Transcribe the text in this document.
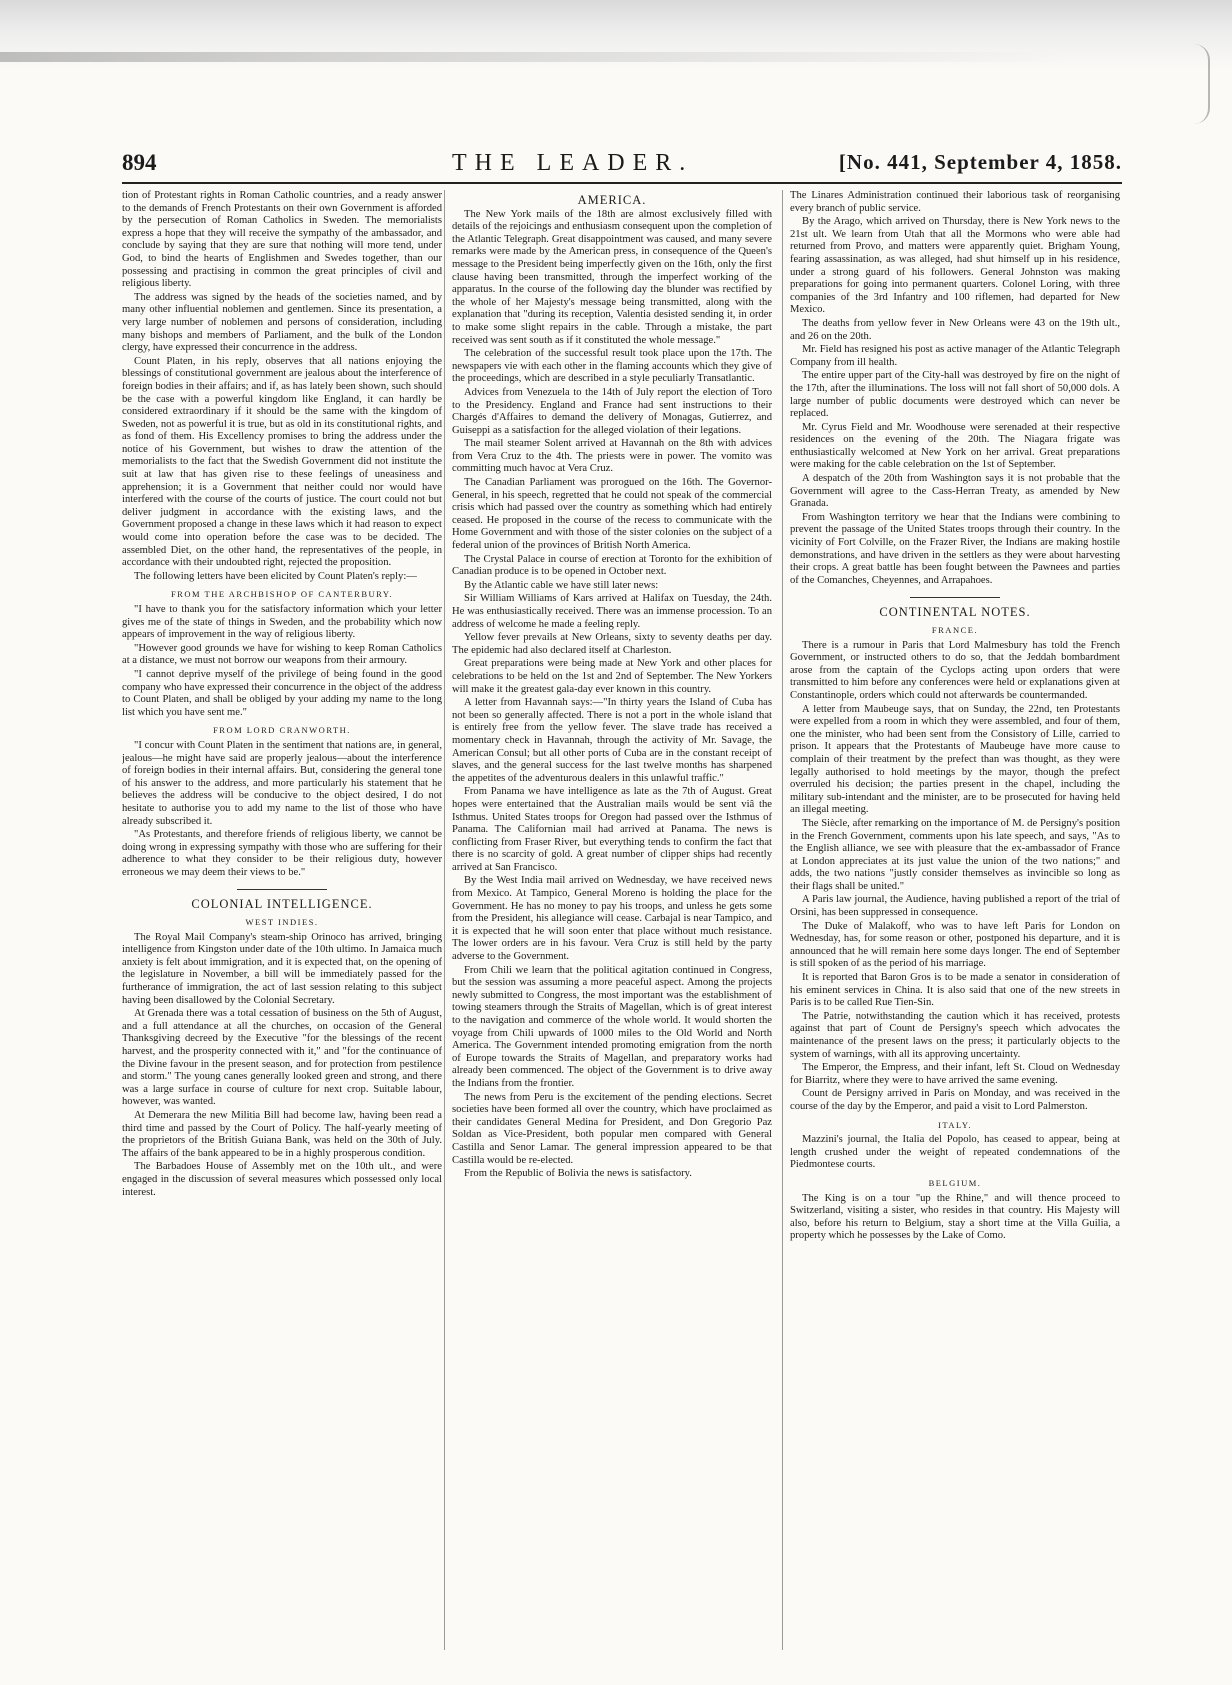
894	THE LEADER.	[No. 441, September 4, 1858.

tion of Protestant rights in Roman Catholic countries, and a ready answer to the demands of French Protestants on their own Government is afforded by the persecution of Roman Catholics in Sweden. The memorialists express a hope that they will receive the sympathy of the ambassador, and conclude by saying that they are sure that nothing will more tend, under God, to bind the hearts of Englishmen and Swedes together, than our possessing and practising in common the great principles of civil and religious liberty.

The address was signed by the heads of the societies named, and by many other influential noblemen and gentlemen. Since its presentation, a very large number of noblemen and persons of consideration, including many bishops and members of Parliament, and the bulk of the London clergy, have expressed their concurrence in the address.

Count Platen, in his reply, observes that all nations enjoying the blessings of constitutional government are jealous about the interference of foreign bodies in their affairs; and if, as has lately been shown, such should be the case with a powerful kingdom like England, it can hardly be considered extraordinary if it should be the same with the kingdom of Sweden, not as powerful it is true, but as old in its constitutional rights, and as fond of them. His Excellency promises to bring the address under the notice of his Government, but wishes to draw the attention of the memorialists to the fact that the Swedish Government did not institute the suit at law that has given rise to these feelings of uneasiness and apprehension; it is a Government that neither could nor would have interfered with the course of the courts of justice. The court could not but deliver judgment in accordance with the existing laws, and the Government proposed a change in these laws which it had reason to expect would come into operation before the case was to be decided. The assembled Diet, on the other hand, the representatives of the people, in accordance with their undoubted right, rejected the proposition.

The following letters have been elicited by Count Platen's reply:—

FROM THE ARCHBISHOP OF CANTERBURY.

"I have to thank you for the satisfactory information which your letter gives me of the state of things in Sweden, and the probability which now appears of improvement in the way of religious liberty.

"However good grounds we have for wishing to keep Roman Catholics at a distance, we must not borrow our weapons from their armoury.

"I cannot deprive myself of the privilege of being found in the good company who have expressed their concurrence in the object of the address to Count Platen, and shall be obliged by your adding my name to the long list which you have sent me."

FROM LORD CRANWORTH.

"I concur with Count Platen in the sentiment that nations are, in general, jealous—he might have said are properly jealous—about the interference of foreign bodies in their internal affairs. But, considering the general tone of his answer to the address, and more particularly his statement that he believes the address will be conducive to the object desired, I do not hesitate to authorise you to add my name to the list of those who have already subscribed it.

"As Protestants, and therefore friends of religious liberty, we cannot be doing wrong in expressing sympathy with those who are suffering for their adherence to what they consider to be their religious duty, however erroneous we may deem their views to be."

COLONIAL INTELLIGENCE.
WEST INDIES.

The Royal Mail Company's steam-ship Orinoco has arrived, bringing intelligence from Kingston under date of the 10th ultimo. In Jamaica much anxiety is felt about immigration, and it is expected that, on the opening of the legislature in November, a bill will be immediately passed for the furtherance of immigration, the act of last session relating to this subject having been disallowed by the Colonial Secretary.

At Grenada there was a total cessation of business on the 5th of August, and a full attendance at all the churches, on occasion of the General Thanksgiving decreed by the Executive "for the blessings of the recent harvest, and the prosperity connected with it," and "for the continuance of the Divine favour in the present season, and for protection from pestilence and storm." The young canes generally looked green and strong, and there was a large surface in course of culture for next crop. Suitable labour, however, was wanted.

At Demerara the new Militia Bill had become law, having been read a third time and passed by the Court of Policy. The half-yearly meeting of the proprietors of the British Guiana Bank, was held on the 30th of July. The affairs of the bank appeared to be in a highly prosperous condition.

The Barbadoes House of Assembly met on the 10th ult., and were engaged in the discussion of several measures which possessed only local interest.

AMERICA.

The New York mails of the 18th are almost exclusively filled with details of the rejoicings and enthusiasm consequent upon the completion of the Atlantic Telegraph. Great disappointment was caused, and many severe remarks were made by the American press, in consequence of the Queen's message to the President being imperfectly given on the 16th, only the first clause having been transmitted, through the imperfect working of the apparatus. In the course of the following day the blunder was rectified by the whole of her Majesty's message being transmitted, along with the explanation that "during its reception, Valentia desisted sending it, in order to make some slight repairs in the cable. Through a mistake, the part received was sent south as if it constituted the whole message."

The celebration of the successful result took place upon the 17th. The newspapers vie with each other in the flaming accounts which they give of the proceedings, which are described in a style peculiarly Transatlantic.

Advices from Venezuela to the 14th of July report the election of Toro to the Presidency. England and France had sent instructions to their Chargés d'Affaires to demand the delivery of Monagas, Gutierrez, and Guiseppi as a satisfaction for the alleged violation of their legations.

The mail steamer Solent arrived at Havannah on the 8th with advices from Vera Cruz to the 4th. The priests were in power. The vomito was committing much havoc at Vera Cruz.

The Canadian Parliament was prorogued on the 16th. The Governor-General, in his speech, regretted that he could not speak of the commercial crisis which had passed over the country as something which had entirely ceased. He proposed in the course of the recess to communicate with the Home Government and with those of the sister colonies on the subject of a federal union of the provinces of British North America.

The Crystal Palace in course of erection at Toronto for the exhibition of Canadian produce is to be opened in October next.

By the Atlantic cable we have still later news:

Sir William Williams of Kars arrived at Halifax on Tuesday, the 24th. He was enthusiastically received. There was an immense procession. To an address of welcome he made a feeling reply.

Yellow fever prevails at New Orleans, sixty to seventy deaths per day. The epidemic had also declared itself at Charleston.

Great preparations were being made at New York and other places for celebrations to be held on the 1st and 2nd of September. The New Yorkers will make it the greatest gala-day ever known in this country.

A letter from Havannah says:—"In thirty years the Island of Cuba has not been so generally affected. There is not a port in the whole island that is entirely free from the yellow fever. The slave trade has received a momentary check in Havannah, through the activity of Mr. Savage, the American Consul; but all other ports of Cuba are in the constant receipt of slaves, and the general success for the last twelve months has sharpened the appetites of the adventurous dealers in this unlawful traffic."

From Panama we have intelligence as late as the 7th of August. Great hopes were entertained that the Australian mails would be sent viâ the Isthmus. United States troops for Oregon had passed over the Isthmus of Panama. The Californian mail had arrived at Panama. The news is conflicting from Fraser River, but everything tends to confirm the fact that there is no scarcity of gold. A great number of clipper ships had recently arrived at San Francisco.

By the West India mail arrived on Wednesday, we have received news from Mexico. At Tampico, General Moreno is holding the place for the Government. He has no money to pay his troops, and unless he gets some from the President, his allegiance will cease. Carbajal is near Tampico, and it is expected that he will soon enter that place without much resistance. The lower orders are in his favour. Vera Cruz is still held by the party adverse to the Government.

From Chili we learn that the political agitation continued in Congress, but the session was assuming a more peaceful aspect. Among the projects newly submitted to Congress, the most important was the establishment of towing steamers through the Straits of Magellan, which is of great interest to the navigation and commerce of the whole world. It would shorten the voyage from Chili upwards of 1000 miles to the Old World and North America. The Government intended promoting emigration from the north of Europe towards the Straits of Magellan, and preparatory works had already been commenced. The object of the Government is to drive away the Indians from the frontier.

The news from Peru is the excitement of the pending elections. Secret societies have been formed all over the country, which have proclaimed as their candidates General Medina for President, and Don Gregorio Paz Soldan as Vice-President, both popular men compared with General Castilla and Senor Lamar. The general impression appeared to be that Castilla would be re-elected.

From the Republic of Bolivia the news is satisfactory.

The Linares Administration continued their laborious task of reorganising every branch of public service.

By the Arago, which arrived on Thursday, there is New York news to the 21st ult. We learn from Utah that all the Mormons who were able had returned from Provo, and matters were apparently quiet. Brigham Young, fearing assassination, as was alleged, had shut himself up in his residence, under a strong guard of his followers. General Johnston was making preparations for going into permanent quarters. Colonel Loring, with three companies of the 3rd Infantry and 100 riflemen, had departed for New Mexico.

The deaths from yellow fever in New Orleans were 43 on the 19th ult., and 26 on the 20th.

Mr. Field has resigned his post as active manager of the Atlantic Telegraph Company from ill health.

The entire upper part of the City-hall was destroyed by fire on the night of the 17th, after the illuminations. The loss will not fall short of 50,000 dols. A large number of public documents were destroyed which can never be replaced.

Mr. Cyrus Field and Mr. Woodhouse were serenaded at their respective residences on the evening of the 20th. The Niagara frigate was enthusiastically welcomed at New York on her arrival. Great preparations were making for the cable celebration on the 1st of September.

A despatch of the 20th from Washington says it is not probable that the Government will agree to the Cass-Herran Treaty, as amended by New Granada.

From Washington territory we hear that the Indians were combining to prevent the passage of the United States troops through their country. In the vicinity of Fort Colville, on the Frazer River, the Indians are making hostile demonstrations, and have driven in the settlers as they were about harvesting their crops. A great battle has been fought between the Pawnees and parties of the Comanches, Cheyennes, and Arrapahoes.

CONTINENTAL NOTES.
FRANCE.

There is a rumour in Paris that Lord Malmesbury has told the French Government, or instructed others to do so, that the Jeddah bombardment arose from the captain of the Cyclops acting upon orders that were transmitted to him before any conferences were held or explanations given at Constantinople, orders which could not afterwards be countermanded.

A letter from Maubeuge says, that on Sunday, the 22nd, ten Protestants were expelled from a room in which they were assembled, and four of them, one the minister, who had been sent from the Consistory of Lille, carried to prison. It appears that the Protestants of Maubeuge have more cause to complain of their treatment by the prefect than was thought, as they were legally authorised to hold meetings by the mayor, though the prefect overruled his decision; the parties present in the chapel, including the military sub-intendant and the minister, are to be prosecuted for having held an illegal meeting.

The Siècle, after remarking on the importance of M. de Persigny's position in the French Government, comments upon his late speech, and says, "As to the English alliance, we see with pleasure that the ex-ambassador of France at London appreciates at its just value the union of the two nations;" and adds, the two nations "justly consider themselves as invincible so long as their flags shall be united."

A Paris law journal, the Audience, having published a report of the trial of Orsini, has been suppressed in consequence.

The Duke of Malakoff, who was to have left Paris for London on Wednesday, has, for some reason or other, postponed his departure, and it is announced that he will remain here some days longer. The end of September is still spoken of as the period of his marriage.

It is reported that Baron Gros is to be made a senator in consideration of his eminent services in China. It is also said that one of the new streets in Paris is to be called Rue Tien-Sin.

The Patrie, notwithstanding the caution which it has received, protests against that part of Count de Persigny's speech which advocates the maintenance of the present laws on the press; it particularly objects to the system of warnings, with all its approving uncertainty.

The Emperor, the Empress, and their infant, left St. Cloud on Wednesday for Biarritz, where they were to have arrived the same evening.

Count de Persigny arrived in Paris on Monday, and was received in the course of the day by the Emperor, and paid a visit to Lord Palmerston.

ITALY.

Mazzini's journal, the Italia del Popolo, has ceased to appear, being at length crushed under the weight of repeated condemnations of the Piedmontese courts.

BELGIUM.

The King is on a tour "up the Rhine," and will thence proceed to Switzerland, visiting a sister, who resides in that country. His Majesty will also, before his return to Belgium, stay a short time at the Villa Guilia, a property which he possesses by the Lake of Como.
